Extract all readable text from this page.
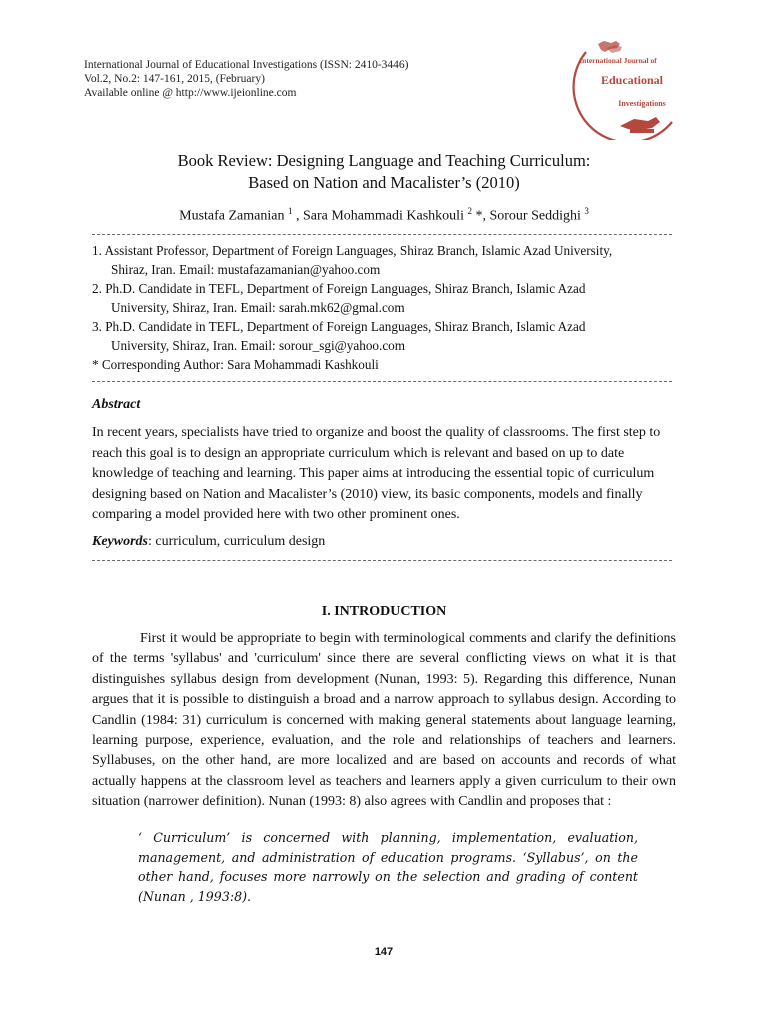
International Journal of Educational Investigations (ISSN: 2410-3446)
Vol.2, No.2: 147-161, 2015, (February)
Available online @ http://www.ijeionline.com
International Journal of
Educational
Investigations
Book Review: Designing Language and Teaching Curriculum:
Based on Nation and Macalister’s (2010)
Mustafa Zamanian $^1$ , Sara Mohammadi Kashkouli $^2$ *, Sorour Seddighi $^3$
1. Assistant Professor, Department of Foreign Languages, Shiraz Branch, Islamic Azad University,
Shiraz, Iran. Email: mustafazamanian@yahoo.com
2. Ph.D. Candidate in TEFL, Department of Foreign Languages, Shiraz Branch, Islamic Azad
University, Shiraz, Iran. Email: sarah.mk62@gmal.com
3. Ph.D. Candidate in TEFL, Department of Foreign Languages, Shiraz Branch, Islamic Azad
University, Shiraz, Iran. Email: sorour_sgi@yahoo.com
* Corresponding Author: Sara Mohammadi Kashkouli
Abstract
In recent years, specialists have tried to organize and boost the quality of classrooms. The first step to reach this goal is to design an appropriate curriculum which is relevant and based on up to date knowledge of teaching and learning. This paper aims at introducing the essential topic of curriculum designing based on Nation and Macalister’s (2010) view, its basic components, models and finally comparing a model provided here with two other prominent ones.
Keywords: curriculum, curriculum design
I. INTRODUCTION

First it would be appropriate to begin with terminological comments and clarify the definitions of the terms 'syllabus' and 'curriculum' since there are several conflicting views on what it is that distinguishes syllabus design from development (Nunan, 1993: 5). Regarding this difference, Nunan argues that it is possible to distinguish a broad and a narrow approach to syllabus design. According to Candlin (1984: 31) curriculum is concerned with making general statements about language learning, learning purpose, experience, evaluation, and the role and relationships of teachers and learners. Syllabuses, on the other hand, are more localized and are based on accounts and records of what actually happens at the classroom level as teachers and learners apply a given curriculum to their own situation (narrower definition). Nunan (1993: 8) also agrees with Candlin and proposes that :

‘ Curriculum’ is concerned with planning, implementation, evaluation, management, and administration of education programs. ‘Syllabus’, on the other hand, focuses more narrowly on the selection and grading of content (Nunan , 1993:8).
147
